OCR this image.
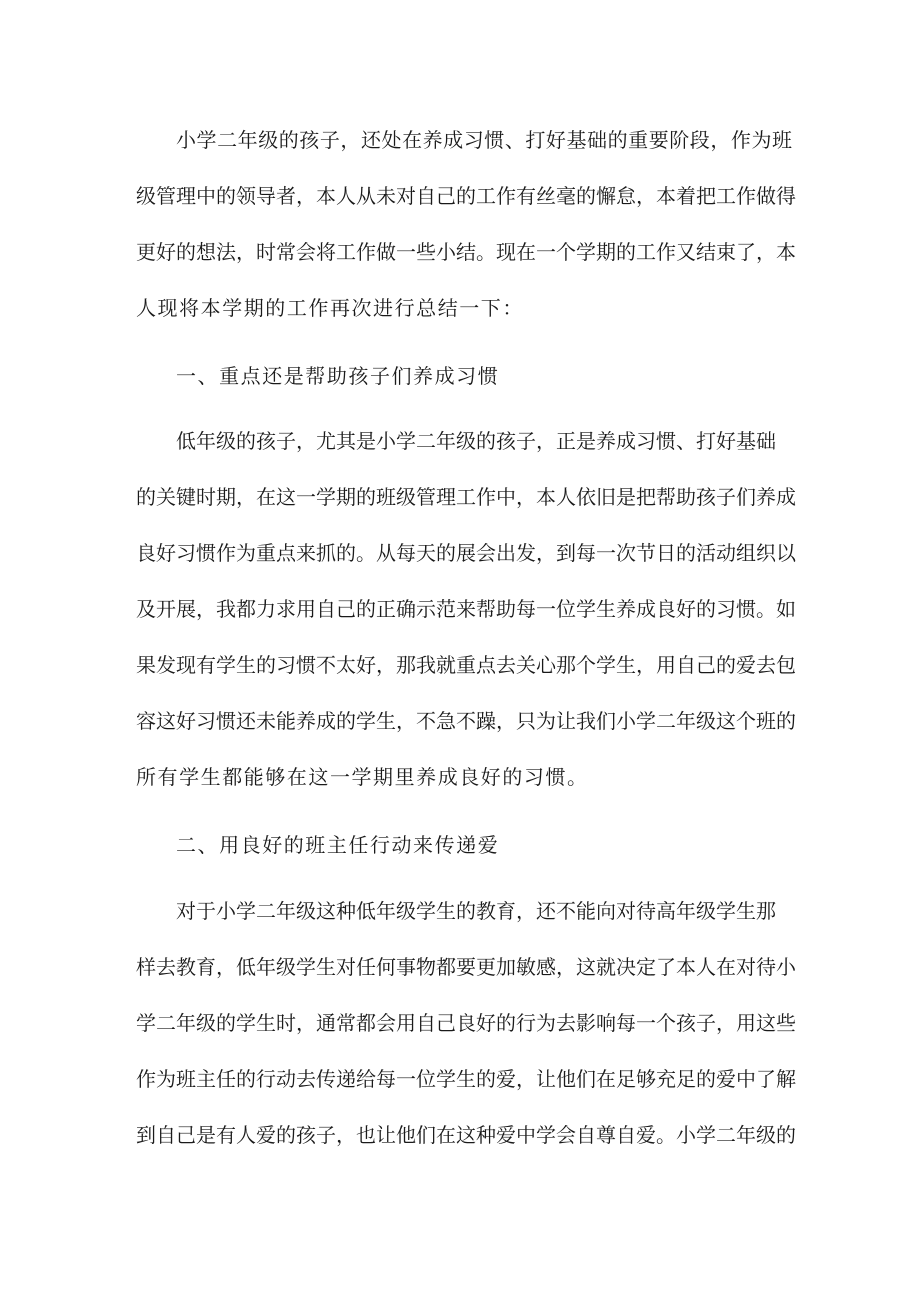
小学二年级的孩子，还处在养成习惯、打好基础的重要阶段，作为班
级管理中的领导者，本人从未对自己的工作有丝毫的懈怠，本着把工作做得
更好的想法，时常会将工作做一些小结。现在一个学期的工作又结束了，本
人现将本学期的工作再次进行总结一下：
一、重点还是帮助孩子们养成习惯
低年级的孩子，尤其是小学二年级的孩子，正是养成习惯、打好基础
的关键时期，在这一学期的班级管理工作中，本人依旧是把帮助孩子们养成
良好习惯作为重点来抓的。从每天的展会出发，到每一次节日的活动组织以
及开展，我都力求用自己的正确示范来帮助每一位学生养成良好的习惯。如
果发现有学生的习惯不太好，那我就重点去关心那个学生，用自己的爱去包
容这好习惯还未能养成的学生，不急不躁，只为让我们小学二年级这个班的
所有学生都能够在这一学期里养成良好的习惯。
二、用良好的班主任行动来传递爱
对于小学二年级这种低年级学生的教育，还不能向对待高年级学生那
样去教育，低年级学生对任何事物都要更加敏感，这就决定了本人在对待小
学二年级的学生时，通常都会用自己良好的行为去影响每一个孩子，用这些
作为班主任的行动去传递给每一位学生的爱，让他们在足够充足的爱中了解
到自己是有人爱的孩子，也让他们在这种爱中学会自尊自爱。小学二年级的
